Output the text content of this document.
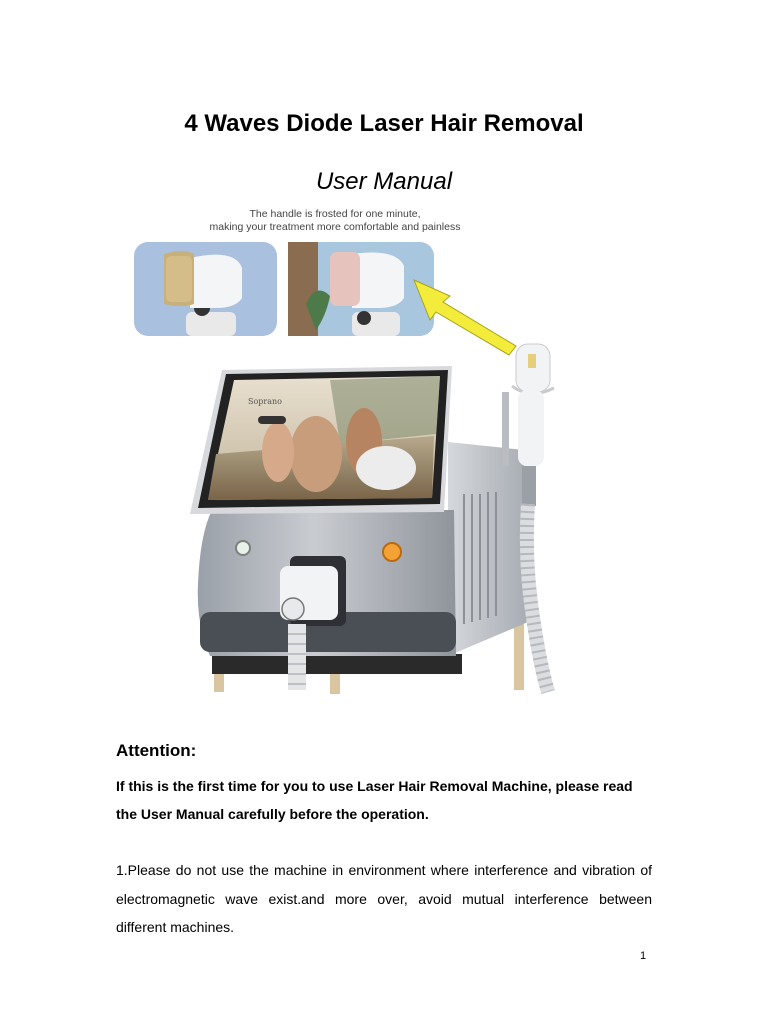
4 Waves Diode Laser Hair Removal
User Manual
The handle is frosted for one minute,
making your treatment more comfortable and painless
Soprano
Attention:
If this is the first time for you to use Laser Hair Removal Machine, please read the User Manual carefully before the operation.
1.Please do not use the machine in environment where interference and vibration of electromagnetic wave exist.and more over, avoid mutual interference between different machines.
1
